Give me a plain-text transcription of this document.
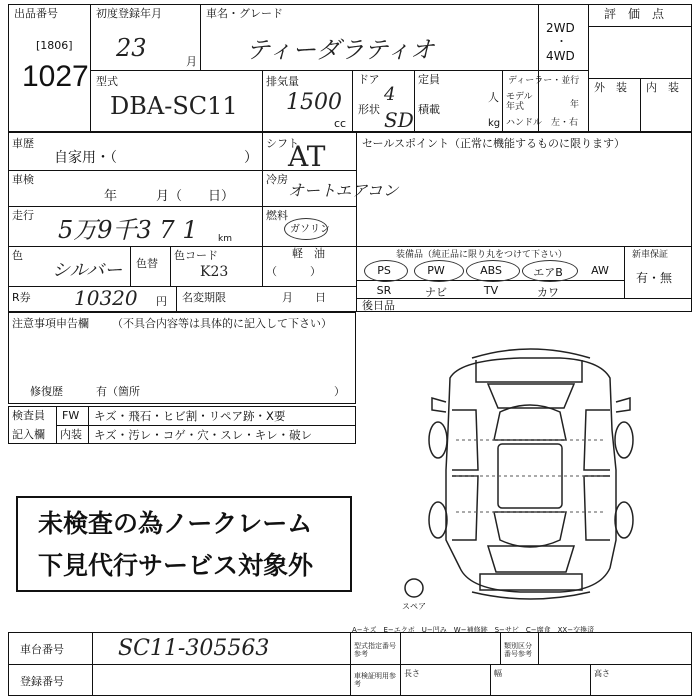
出品番号
[1806]
1027
初度登録年月
23	月
車名・グレード
ティーダラティオ
2WD
・
4WD
評　価　点
型式
DBA-SC11
排気量
1500
cc
ドア
4
形状 SD
定員
人
積載
kg
ディーラー・並行
モデル年式	年
ハンドル　左・右
外　装 内　装
車歴
自家用・（	）
車検
年　　　月（　　日）
走行
5万9千3 7 1 km
色
シルバー 色替
色コード
K23
シフト
AT
冷房
オートエアコン
燃料
ガソリン
軽　油
（　　　）
R券 10320 円 名変期限	月　　日
セールスポイント（正常に機能するものに限ります）
装備品（純正品に限り丸をつけて下さい）	新車保証
有・無
PS	PW	ABS	エアB	AW
SR	ナビ	TV	カワ
後日品
注意事項申告欄 （不具合内容等は具体的に記入して下さい）
修復歴	有（箇所	）
検査員
記入欄
FW キズ・飛石・ヒビ割・リペア跡・X要
内装 キズ・汚レ・コゲ・穴・スレ・キレ・破レ
未検査の為ノークレーム
下見代行サービス対象外
スペア
車台番号 SC11-305563
登録番号
A−キズ　E−エクボ　U−凹み　W−補修跡　S−サビ　C−腐食　XX−交換済
型式指定番号参考
類別区分番号参考
車検証明用参考
長さ	幅	高さ
